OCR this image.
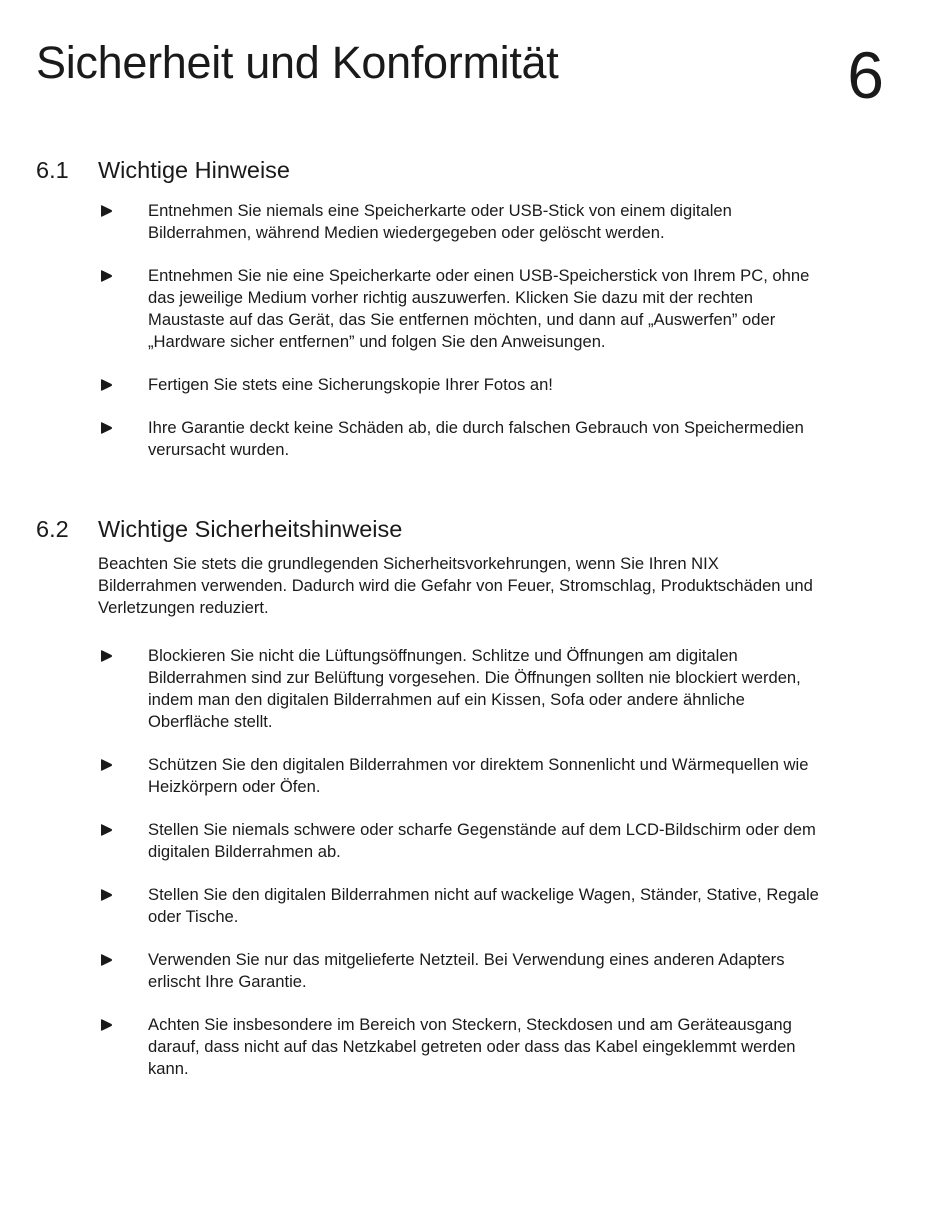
Sicherheit und Konformität	6
6.1	Wichtige Hinweise
Entnehmen Sie niemals eine Speicherkarte oder USB-Stick von einem digitalen Bilderrahmen, während Medien wiedergegeben oder gelöscht werden.
Entnehmen Sie nie eine Speicherkarte oder einen USB-Speicherstick von Ihrem PC, ohne das jeweilige Medium vorher richtig auszuwerfen. Klicken Sie dazu mit der rechten Maustaste auf das Gerät, das Sie entfernen möchten, und dann auf „Auswerfen” oder „Hardware sicher entfernen” und folgen Sie den Anweisungen.
Fertigen Sie stets eine Sicherungskopie Ihrer Fotos an!
Ihre Garantie deckt keine Schäden ab, die durch falschen Gebrauch von Speichermedien verursacht wurden.
6.2	Wichtige Sicherheitshinweise

Beachten Sie stets die grundlegenden Sicherheitsvorkehrungen, wenn Sie Ihren NIX Bilderrahmen verwenden. Dadurch wird die Gefahr von Feuer, Stromschlag, Produktschäden und Verletzungen reduziert.

Blockieren Sie nicht die Lüftungsöffnungen. Schlitze und Öffnungen am digitalen Bilderrahmen sind zur Belüftung vorgesehen. Die Öffnungen sollten nie blockiert werden, indem man den digitalen Bilderrahmen auf ein Kissen, Sofa oder andere ähnliche Oberfläche stellt.
Schützen Sie den digitalen Bilderrahmen vor direktem Sonnenlicht und Wärmequellen wie Heizkörpern oder Öfen.
Stellen Sie niemals schwere oder scharfe Gegenstände auf dem LCD-Bildschirm oder dem digitalen Bilderrahmen ab.
Stellen Sie den digitalen Bilderrahmen nicht auf wackelige Wagen, Ständer, Stative, Regale oder Tische.
Verwenden Sie nur das mitgelieferte Netzteil. Bei Verwendung eines anderen Adapters erlischt Ihre Garantie.
Achten Sie insbesondere im Bereich von Steckern, Steckdosen und am Geräteausgang darauf, dass nicht auf das Netzkabel getreten oder dass das Kabel eingeklemmt werden kann.
